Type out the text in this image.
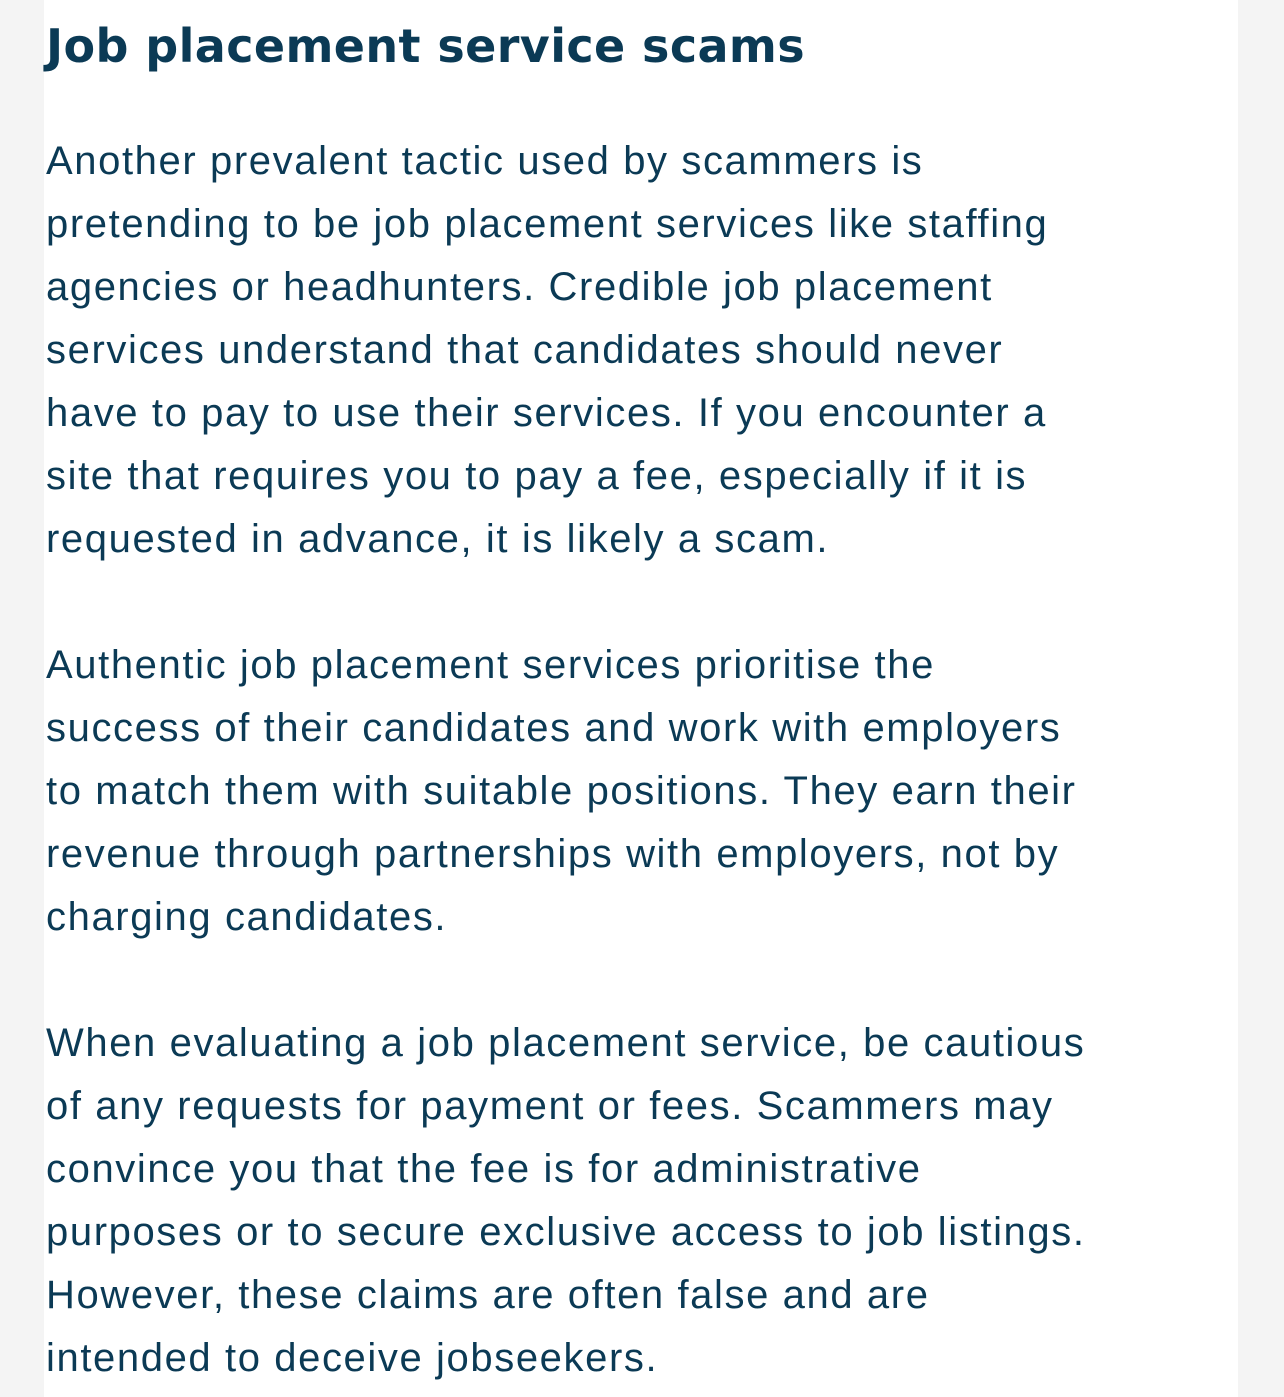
Job placement service scams

Another prevalent tactic used by scammers is
pretending to be job placement services like staffing
agencies or headhunters. Credible job placement
services understand that candidates should never
have to pay to use their services. If you encounter a
site that requires you to pay a fee, especially if it is
requested in advance, it is likely a scam.

Authentic job placement services prioritise the
success of their candidates and work with employers
to match them with suitable positions. They earn their
revenue through partnerships with employers, not by
charging candidates.

When evaluating a job placement service, be cautious
of any requests for payment or fees. Scammers may
convince you that the fee is for administrative
purposes or to secure exclusive access to job listings.
However, these claims are often false and are
intended to deceive jobseekers.
